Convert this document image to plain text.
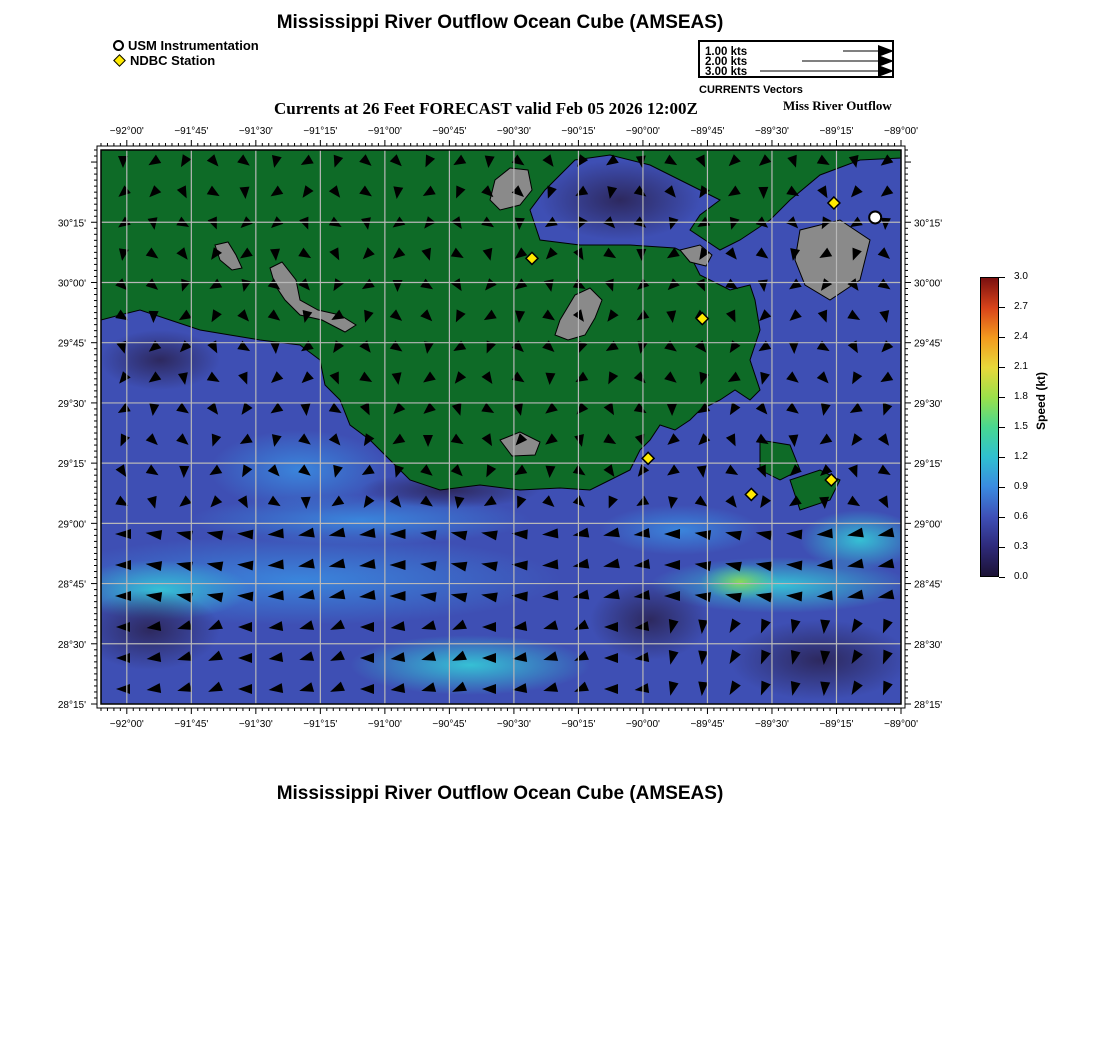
Mississippi River Outflow Ocean Cube (AMSEAS)
USM Instrumentation
NDBC Station
1.00 kts
2.00 kts
3.00 kts
CURRENTS Vectors
Currents at 26 Feet FORECAST valid Feb 05 2026 12:00Z	Miss River Outflow
−92°00'
−92°00'
−91°45'
−91°45'
−91°30'
−91°30'
−91°15'
−91°15'
−91°00'
−91°00'
−90°45'
−90°45'
−90°30'
−90°30'
−90°15'
−90°15'
−90°00'
−90°00'
−89°45'
−89°45'
−89°30'
−89°30'
−89°15'
−89°15'
−89°00'
−89°00'
30°15'	30°15'
30°00'	30°00'
29°45'	29°45'
29°30'	29°30'
29°15'	29°15'
29°00'	29°00'
28°45'	28°45'
28°30'	28°30'
28°15'	28°15'
3.0
2.7
2.4
2.1
1.8
1.5
1.2
0.9
0.6
0.3
0.0
Speed (kt)
Mississippi River Outflow Ocean Cube (AMSEAS)
